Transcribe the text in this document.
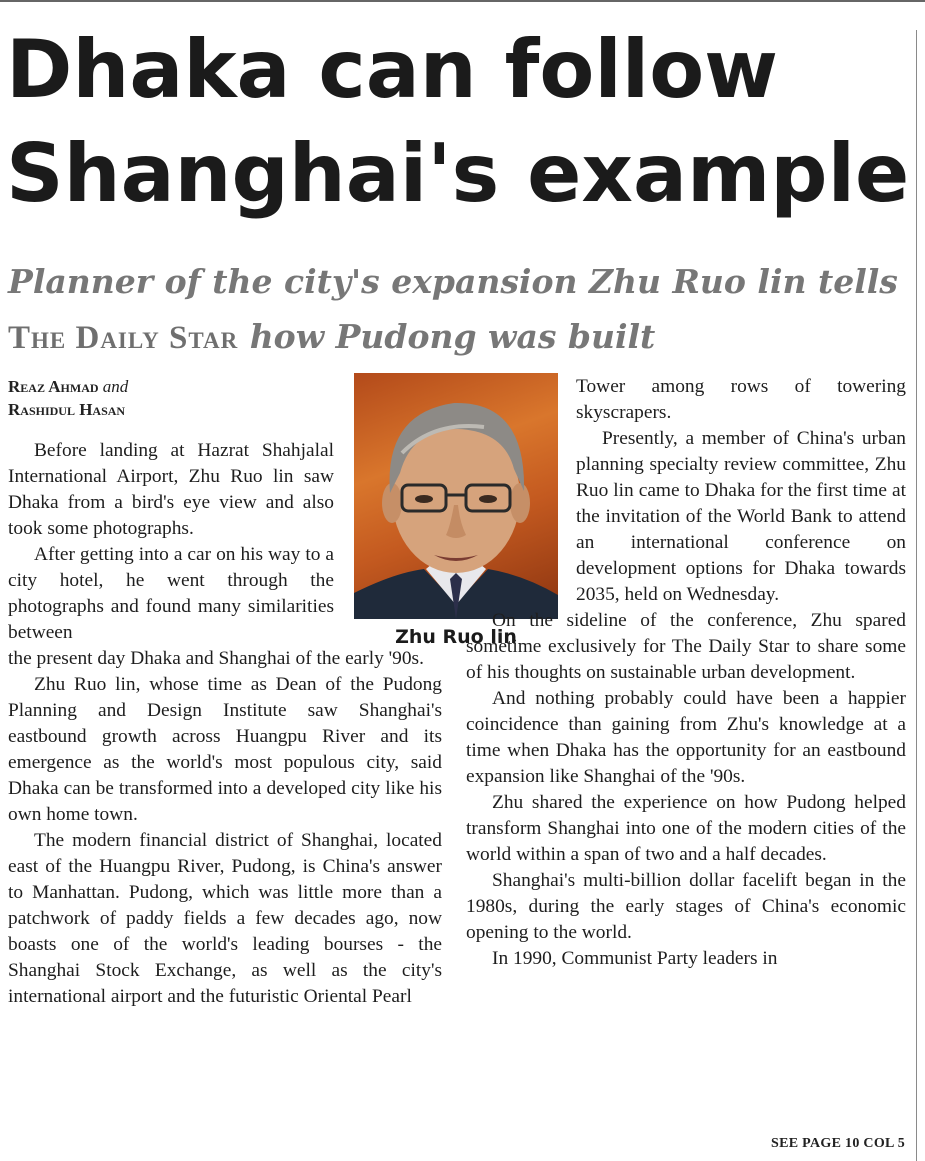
Dhaka can follow
Shanghai's example
Planner of the city's expansion Zhu Ruo lin tells
The Daily Star how Pudong was built
Reaz Ahmad and
Rashidul Hasan
Zhu Ruo lin

Before landing at Hazrat Shahjalal International Airport, Zhu Ruo lin saw Dhaka from a bird's eye view and also took some photographs.

After getting into a car on his way to a city hotel, he went through the photographs and found many similarities between

the present day Dhaka and Shanghai of the early '90s.

Zhu Ruo lin, whose time as Dean of the Pudong Planning and Design Institute saw Shanghai's eastbound growth across Huangpu River and its emergence as the world's most populous city, said Dhaka can be transformed into a developed city like his own home town.

The modern financial district of Shanghai, located east of the Huangpu River, Pudong, is China's answer to Manhattan. Pudong, which was little more than a patchwork of paddy fields a few decades ago, now boasts one of the world's leading bourses - the Shanghai Stock Exchange, as well as the city's international airport and the futuristic Oriental Pearl

Tower among rows of towering skyscrapers.

Presently, a member of China's urban planning specialty review committee, Zhu Ruo lin came to Dhaka for the first time at the invitation of the World Bank to attend an international conference on development options for Dhaka towards 2035, held on Wednesday.

On the sideline of the conference, Zhu spared sometime exclusively for The Daily Star to share some of his thoughts on sustainable urban development.

And nothing probably could have been a happier coincidence than gaining from Zhu's knowledge at a time when Dhaka has the opportunity for an eastbound expansion like Shanghai of the '90s.

Zhu shared the experience on how Pudong helped transform Shanghai into one of the modern cities of the world within a span of two and a half decades.

Shanghai's multi-billion dollar facelift began in the 1980s, during the early stages of China's economic opening to the world.

In 1990, Communist Party leaders in

SEE PAGE 10 COL 5
